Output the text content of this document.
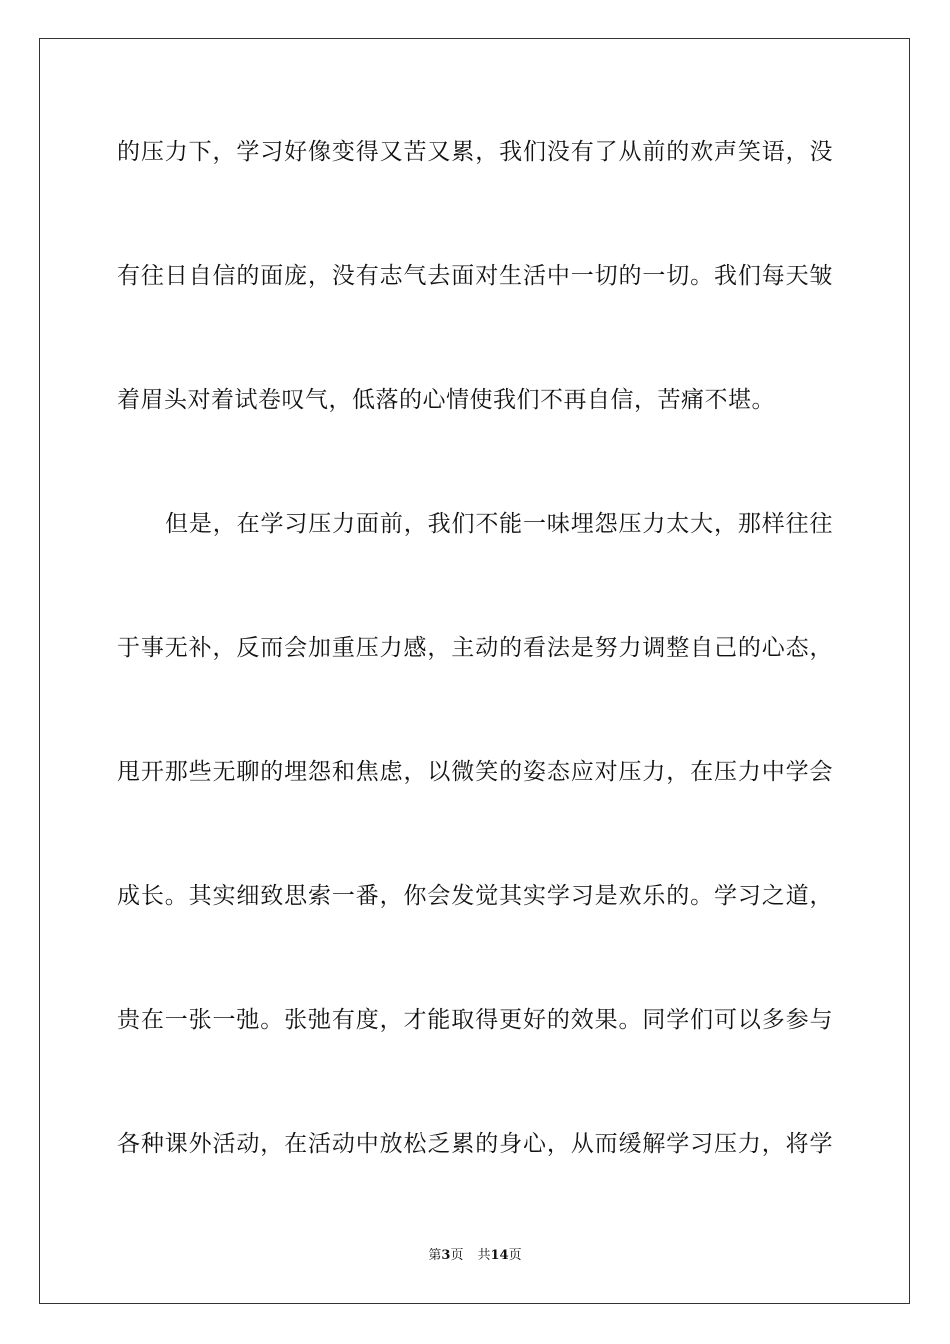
的压力下，学习好像变得又苦又累，我们没有了从前的欢声笑语，没
有往日自信的面庞，没有志气去面对生活中一切的一切。我们每天皱
着眉头对着试卷叹气，低落的心情使我们不再自信，苦痛不堪。
但是，在学习压力面前，我们不能一味埋怨压力太大，那样往往
于事无补，反而会加重压力感，主动的看法是努力调整自己的心态，
甩开那些无聊的埋怨和焦虑，以微笑的姿态应对压力，在压力中学会
成长。其实细致思索一番，你会发觉其实学习是欢乐的。学习之道，
贵在一张一弛。张弛有度，才能取得更好的效果。同学们可以多参与
各种课外活动，在活动中放松乏累的身心，从而缓解学习压力，将学
第3页 共14页
